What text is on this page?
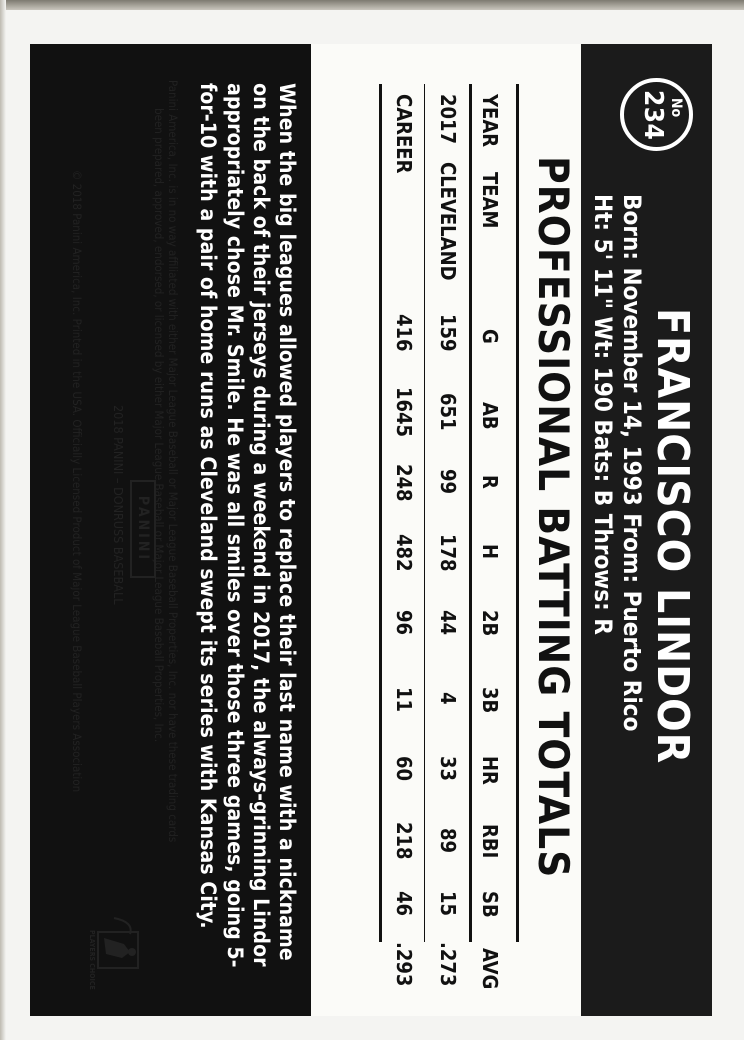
No
234
FRANCISCO LINDOR
Born: November 14, 1993 From: Puerto Rico
Ht: 5' 11" Wt: 190 Bats: B Throws: R
PROFESSIONAL BATTING TOTALS
YEAR
TEAM
G
AB
R
H
2B
3B
HR
RBI
SB
AVG
2017
CLEVELAND
159
651
99
178
44
4
33
89
15
.273
CAREER
416
1645
248
482
96
11
60
218
46
.293
When the big leagues allowed players to replace their last name with a nickname on the back of their jerseys during a weekend in 2017, the always-grinning Lindor appropriately chose Mr. Smile. He was all smiles over those three games, going 5-for-10 with a pair of home runs as Cleveland swept its series with Kansas City.
Panini America, Inc. is in no way affiliated with either Major League Baseball or Major League Baseball Properties, Inc. nor have these trading cards
been prepared, approved, endorsed, or licensed by either Major League Baseball or Major League Baseball Properties, Inc.
© 2018 Panini America, Inc. Printed in the USA. Officially Licensed Product of Major League Baseball Players Association 2018 PANINI – DONRUSS BASEBALL PANINI
PLAYERS CHOICE
